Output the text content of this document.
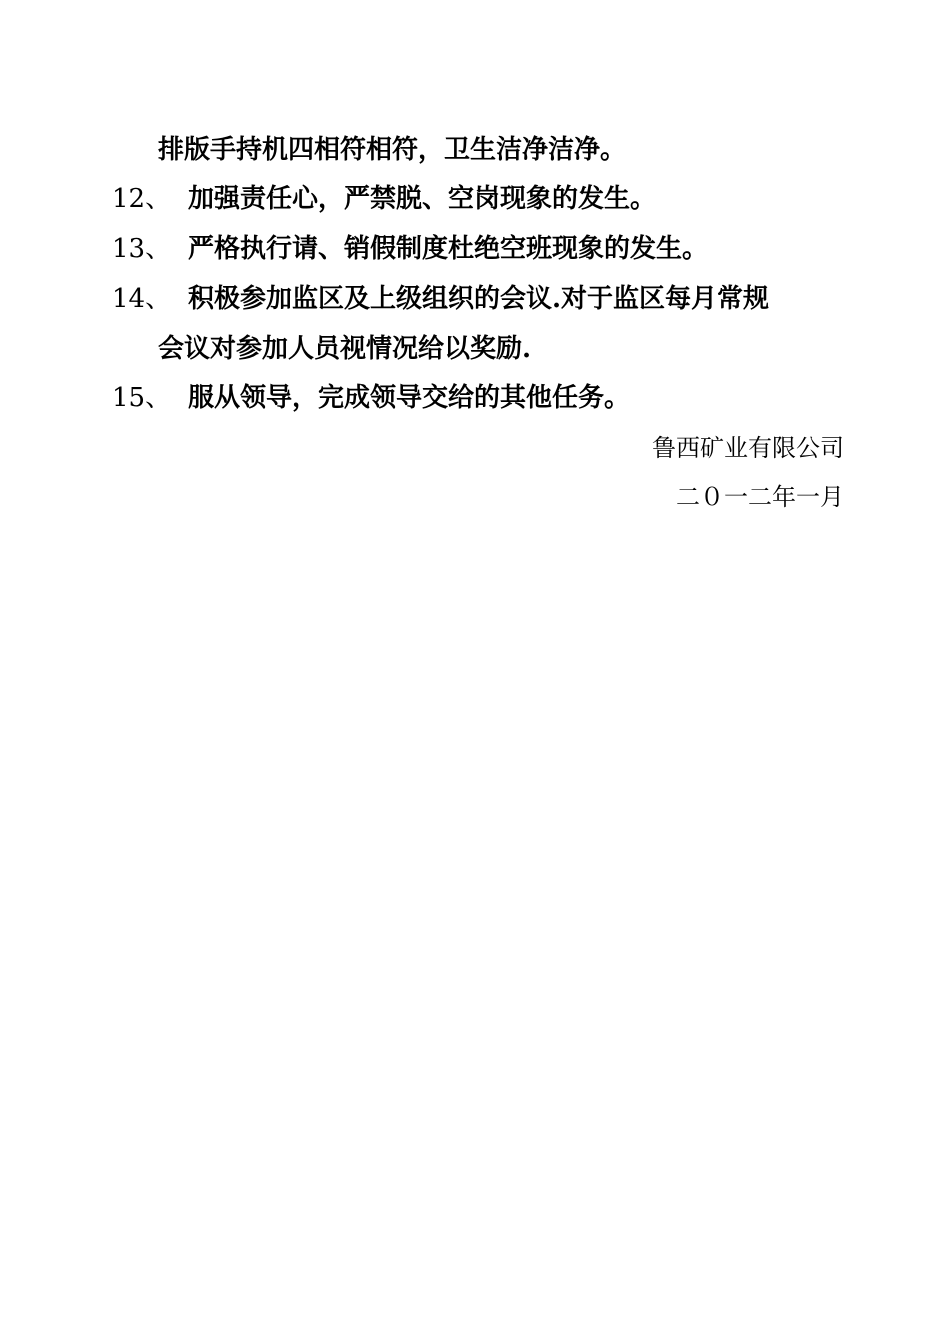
排版手持机四相符相符，卫生洁净洁净。
12、 加强责任心，严禁脱、空岗现象的发生。
13、 严格执行请、销假制度杜绝空班现象的发生。
14、 积极参加监区及上级组织的会议.对于监区每月常规
会议对参加人员视情况给以奖励.
15、 服从领导，完成领导交给的其他任务。
鲁西矿业有限公司
二０一二年一月
